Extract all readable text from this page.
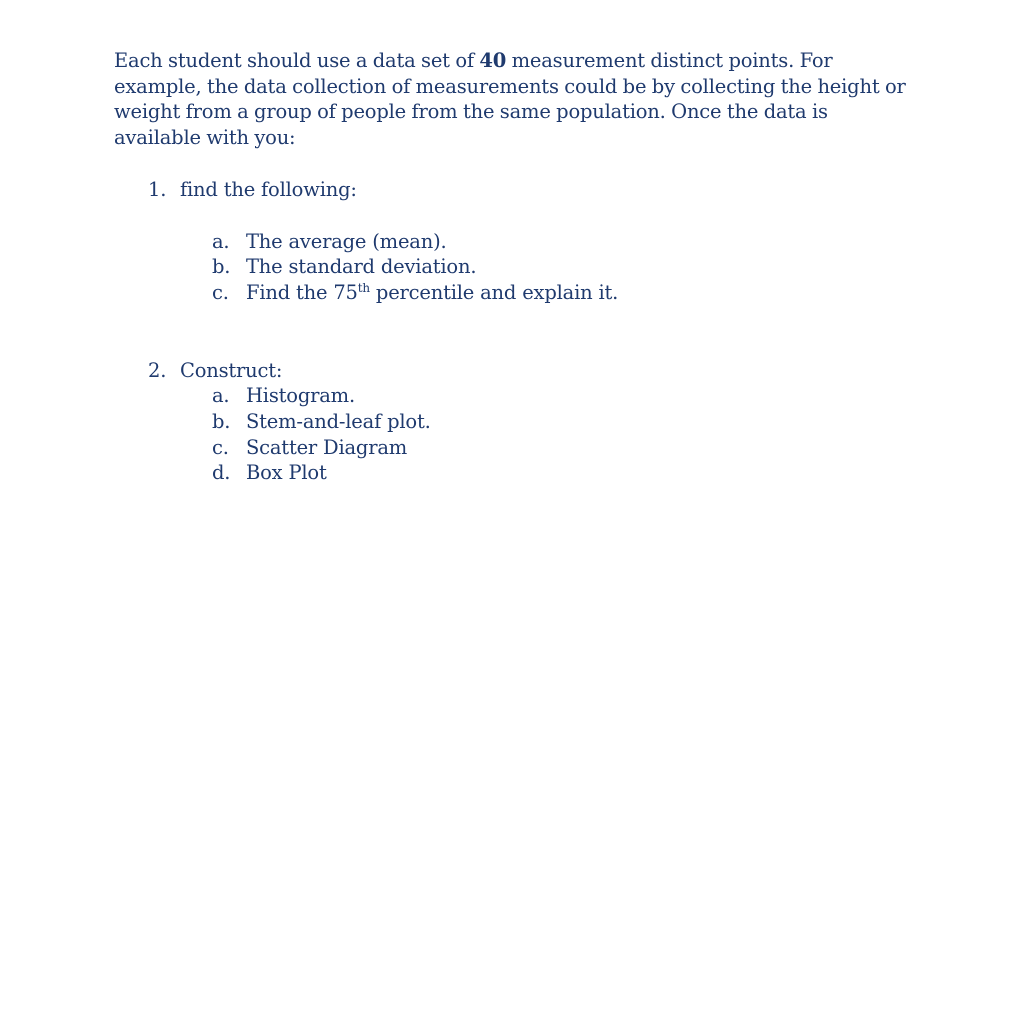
Each student should use a data set of 40 measurement distinct points. For example, the data collection of measurements could be by collecting the height or weight from a group of people from the same population. Once the data is available with you:

1. find the following:
a. The average (mean).
b. The standard deviation.
c. Find the 75th percentile and explain it.
2. Construct:
a. Histogram.
b. Stem-and-leaf plot.
c. Scatter Diagram
d. Box Plot
